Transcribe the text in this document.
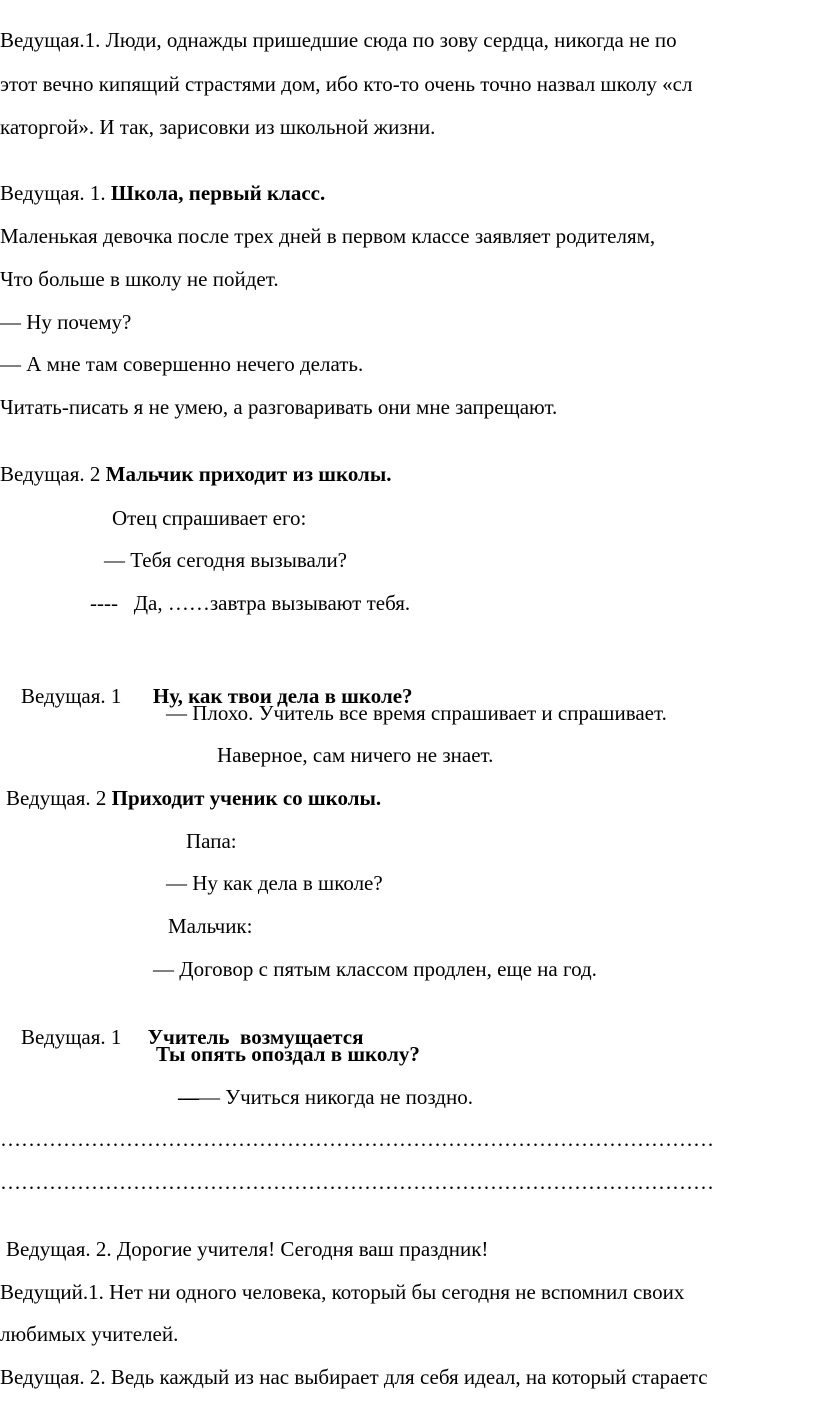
Ведущая.1. Люди, однажды пришедшие сюда по зову сердца, никогда не по
этот вечно кипящий страстями дом, ибо кто-то очень точно назвал школу «сл
каторгой». И так, зарисовки из школьной жизни.
Ведущая. 1. Школа, первый класс.
Маленькая девочка после трех дней в первом классе заявляет родителям,
Что больше в школу не пойдет.
— Ну почему?
— А мне там совершенно нечего делать.
Читать-писать я не умею, а разговаривать они мне запрещают.
Ведущая. 2 Мальчик приходит из школы.
Отец спрашивает его:
— Тебя сегодня вызывали?
----   Да, ……завтра вызывают тебя.

Ведущая. 1      Ну, как твои дела в школе?

— Плохо. Учитель все время спрашивает и спрашивает.
Наверное, сам ничего не знает.
Ведущая. 2 Приходит ученик со школы.
Папа:
— Ну как дела в школе?
Мальчик:
— Договор с пятым классом продлен, еще на год.

Ведущая. 1     Учитель  возмущается

Ты опять опоздал в школу?
—— Учиться никогда не поздно.
…………………………………………………………………………………………
…………………………………………………………………………………………
Ведущая. 2. Дорогие учителя! Сегодня ваш праздник!
Ведущий.1. Нет ни одного человека, который бы сегодня не вспомнил своих
любимых учителей.
Ведущая. 2. Ведь каждый из нас выбирает для себя идеал, на который стараетс
